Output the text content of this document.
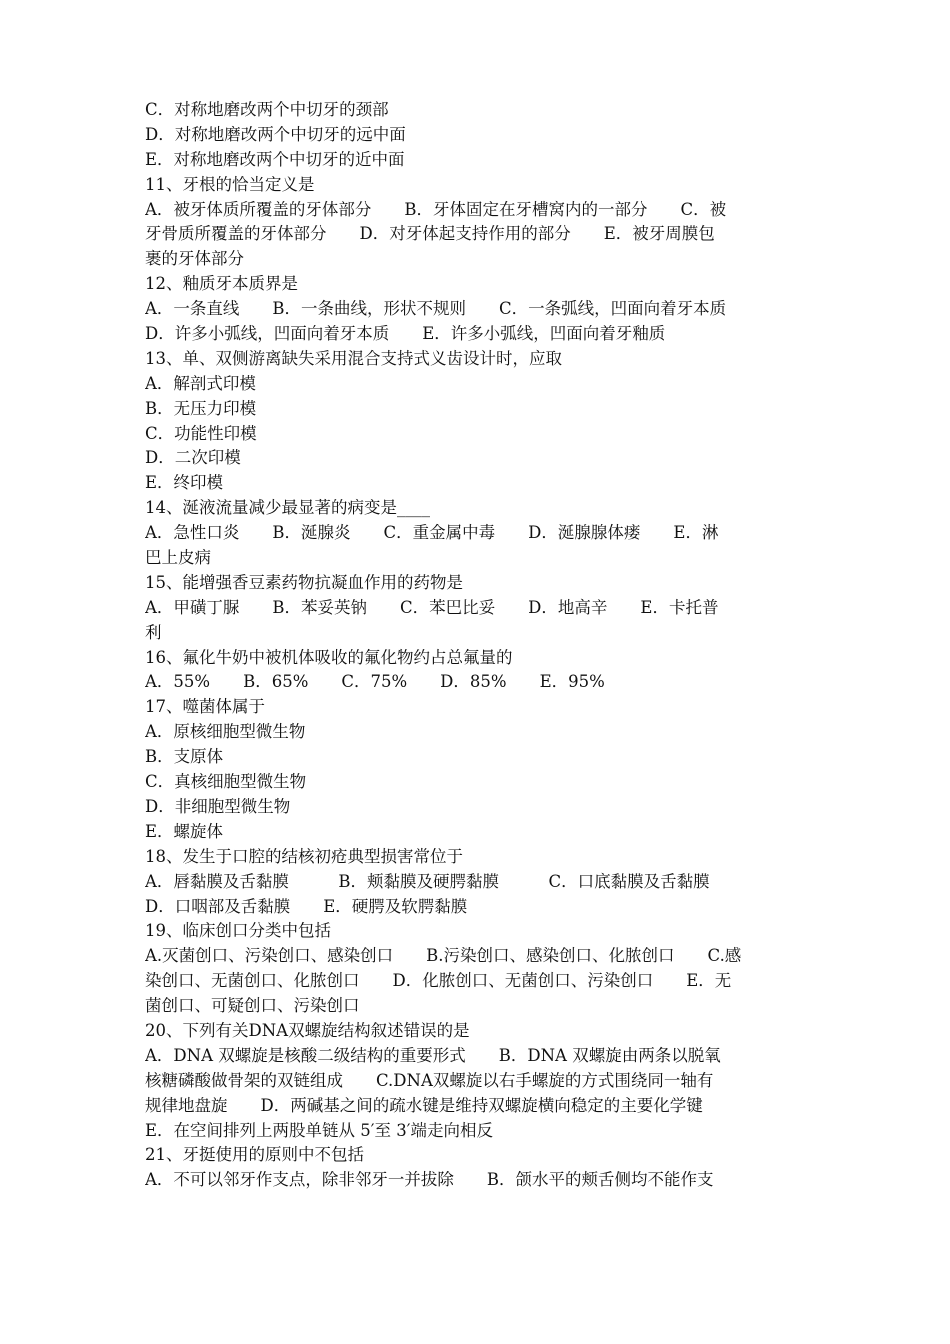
C．对称地磨改两个中切牙的颈部
D．对称地磨改两个中切牙的远中面
E．对称地磨改两个中切牙的近中面
11、牙根的恰当定义是
A．被牙体质所覆盖的牙体部分　　B．牙体固定在牙槽窝内的一部分　　C．被
牙骨质所覆盖的牙体部分　　D．对牙体起支持作用的部分　　E．被牙周膜包
裹的牙体部分
12、釉质牙本质界是
A．一条直线　　B．一条曲线，形状不规则　　C．一条弧线，凹面向着牙本质
D．许多小弧线，凹面向着牙本质　　E．许多小弧线，凹面向着牙釉质
13、单、双侧游离缺失采用混合支持式义齿设计时，应取
A．解剖式印模
B．无压力印模
C．功能性印模
D．二次印模
E．终印模
14、涎液流量减少最显著的病变是____
A．急性口炎　　B．涎腺炎　　C．重金属中毒　　D．涎腺腺体瘘　　E．淋
巴上皮病
15、能增强香豆素药物抗凝血作用的药物是
A．甲磺丁脲　　B．苯妥英钠　　C．苯巴比妥　　D．地高辛　　E．卡托普
利
16、氟化牛奶中被机体吸收的氟化物约占总氟量的
A．55%　　B．65%　　C．75%　　D．85%　　E．95%
17、噬菌体属于
A．原核细胞型微生物
B．支原体
C．真核细胞型微生物
D．非细胞型微生物
E．螺旋体
18、发生于口腔的结核初疮典型损害常位于
A．唇黏膜及舌黏膜　　　B．颊黏膜及硬腭黏膜　　　C．口底黏膜及舌黏膜
D．口咽部及舌黏膜　　E．硬腭及软腭黏膜
19、临床创口分类中包括
A.灭菌创口、污染创口、感染创口　　B.污染创口、感染创口、化脓创口　　C.感
染创口、无菌创口、化脓创口　　D．化脓创口、无菌创口、污染创口　　E．无
菌创口、可疑创口、污染创口
20、下列有关DNA双螺旋结构叙述错误的是
A．DNA 双螺旋是核酸二级结构的重要形式　　B．DNA 双螺旋由两条以脱氧
核糖磷酸做骨架的双链组成　　C.DNA双螺旋以右手螺旋的方式围绕同一轴有
规律地盘旋　　D．两碱基之间的疏水键是维持双螺旋横向稳定的主要化学键
E．在空间排列上两股单链从 5′至 3′端走向相反
21、牙挺使用的原则中不包括
A．不可以邻牙作支点，除非邻牙一并拔除　　B．颌水平的颊舌侧均不能作支
